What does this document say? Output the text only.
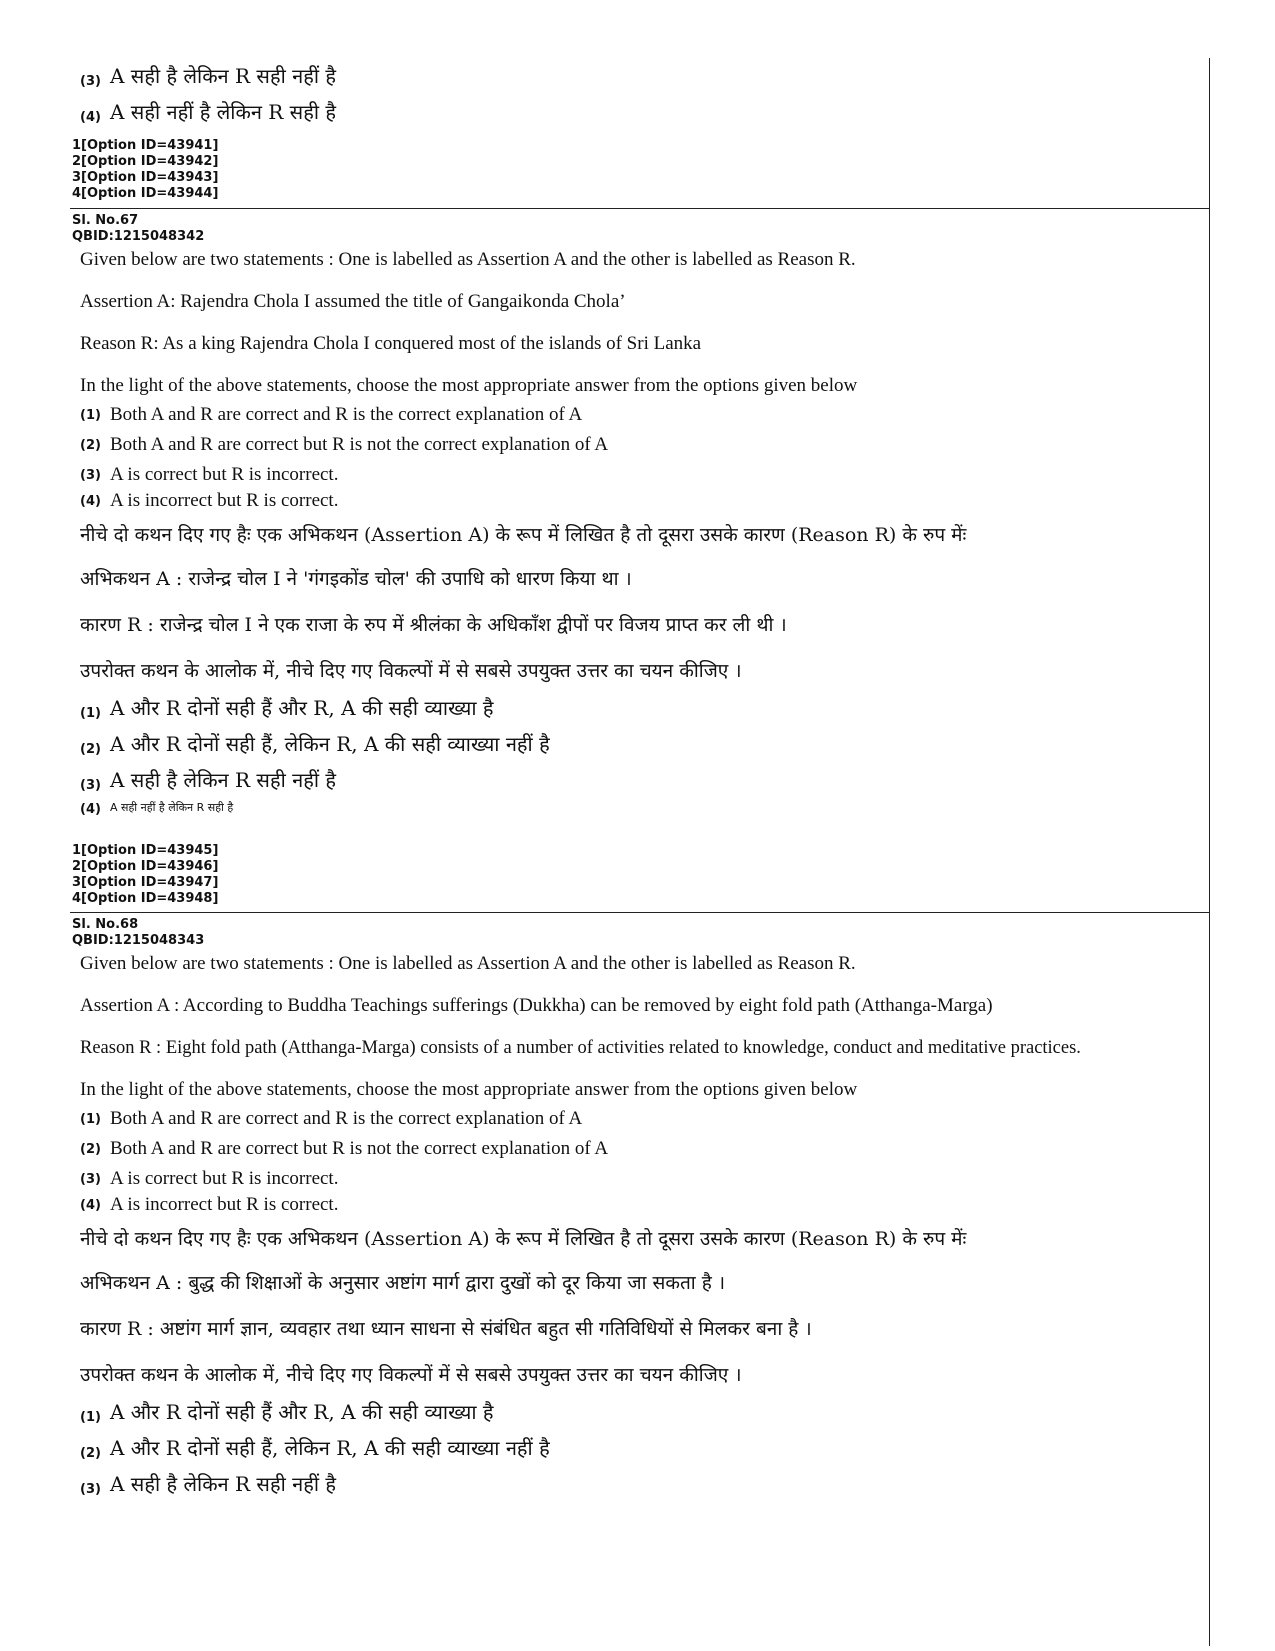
(3) A सही है लेकिन R सही नहीं है
(4) A सही नहीं है लेकिन R सही है
1[Option ID=43941]
2[Option ID=43942]
3[Option ID=43943]
4[Option ID=43944]
Sl. No.67
QBID:1215048342
Given below are two statements : One is labelled as Assertion A and the other is labelled as Reason R.
Assertion A: Rajendra Chola I assumed the title of Gangaikonda Chola’
Reason R: As a king Rajendra Chola I conquered most of the islands of Sri Lanka
In the light of the above statements, choose the most appropriate answer from the options given below
(1) Both A and R are correct and R is the correct explanation of A
(2) Both A and R are correct but R is not the correct explanation of A
(3) A is correct but R is incorrect.
(4) A is incorrect but R is correct.
नीचे दो कथन दिए गए हैः एक अभिकथन (Assertion A) के रूप में लिखित है तो दूसरा उसके कारण (Reason R) के रुप मेंः
अभिकथन A : राजेन्द्र चोल I ने 'गंगइकोंड चोल' की उपाधि को धारण किया था ।
कारण R : राजेन्द्र चोल I ने एक राजा के रुप में श्रीलंका के अधिकाँश द्वीपों पर विजय प्राप्त कर ली थी ।
उपरोक्त कथन के आलोक में, नीचे दिए गए विकल्पों में से सबसे उपयुक्त उत्तर का चयन कीजिए ।
(1) A और R दोनों सही हैं और R, A की सही व्याख्या है
(2) A और R दोनों सही हैं, लेकिन R, A की सही व्याख्या नहीं है
(3) A सही है लेकिन R सही नहीं है
(4) A सही नहीं है लेकिन R सही है
1[Option ID=43945]
2[Option ID=43946]
3[Option ID=43947]
4[Option ID=43948]
Sl. No.68
QBID:1215048343
Given below are two statements : One is labelled as Assertion A and the other is labelled as Reason R.
Assertion A : According to Buddha Teachings sufferings (Dukkha) can be removed by eight fold path (Atthanga-Marga)
Reason R : Eight fold path (Atthanga-Marga) consists of a number of activities related to knowledge, conduct and meditative practices.
In the light of the above statements, choose the most appropriate answer from the options given below
(1) Both A and R are correct and R is the correct explanation of A
(2) Both A and R are correct but R is not the correct explanation of A
(3) A is correct but R is incorrect.
(4) A is incorrect but R is correct.
नीचे दो कथन दिए गए हैः एक अभिकथन (Assertion A) के रूप में लिखित है तो दूसरा उसके कारण (Reason R) के रुप मेंः
अभिकथन A : बुद्ध की शिक्षाओं के अनुसार अष्टांग मार्ग द्वारा दुखों को दूर किया जा सकता है ।
कारण R : अष्टांग मार्ग ज्ञान, व्यवहार तथा ध्यान साधना से संबंधित बहुत सी गतिविधियों से मिलकर बना है ।
उपरोक्त कथन के आलोक में, नीचे दिए गए विकल्पों में से सबसे उपयुक्त उत्तर का चयन कीजिए ।
(1) A और R दोनों सही हैं और R, A की सही व्याख्या है
(2) A और R दोनों सही हैं, लेकिन R, A की सही व्याख्या नहीं है
(3) A सही है लेकिन R सही नहीं है
